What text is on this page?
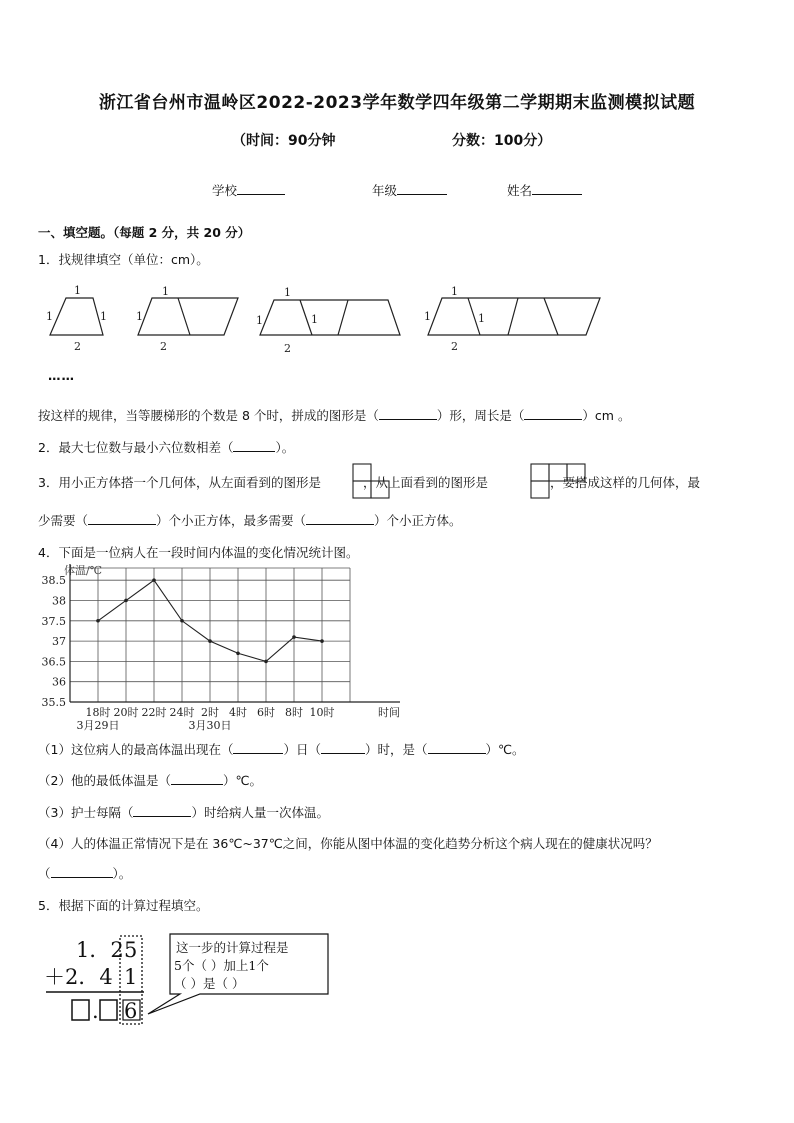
浙江省台州市温岭区2022-2023学年数学四年级第二学期期末监测模拟试题
（时间：90分钟	分数：100分）
学校	年级	姓名
一、填空题。（每题 2 分，共 20 分）
1．找规律填空（单位：cm）。
1
1	1
2
1
1
2
1
1	1
2
1
1	1
2
……
按这样的规律，当等腰梯形的个数是 8 个时，拼成的图形是（	）形，周长是（	）cm 。
2．最大七位数与最小六位数相差（	）。
3．用小正方体搭一个几何体，从左面看到的图形是	，从上面看到的图形是	，要搭成这样的几何体，最
少需要（	）个小正方体，最多需要（	）个小正方体。
4．下面是一位病人在一段时间内体温的变化情况统计图。
35.5
36
36.5
37
37.5
38
38.5
体温/℃
时间
18时 20时 22时 24时 2时 4时 6时 8时 10时
3月29日	3月30日
（1）这位病人的最高体温出现在（	）日（	）时，是（	）℃。
（2）他的最低体温是（	）℃。
（3）护士每隔（	）时给病人量一次体温。
（4）人的体温正常情况下是在 36℃~37℃之间，你能从图中体温的变化趋势分析这个病人现在的健康状况吗？
（	）。
5．根据下面的计算过程填空。
1．2 5
＋2．4 1
. 6
这一步的计算过程是
5个（ ）加上1个
（ ）是（ ）
